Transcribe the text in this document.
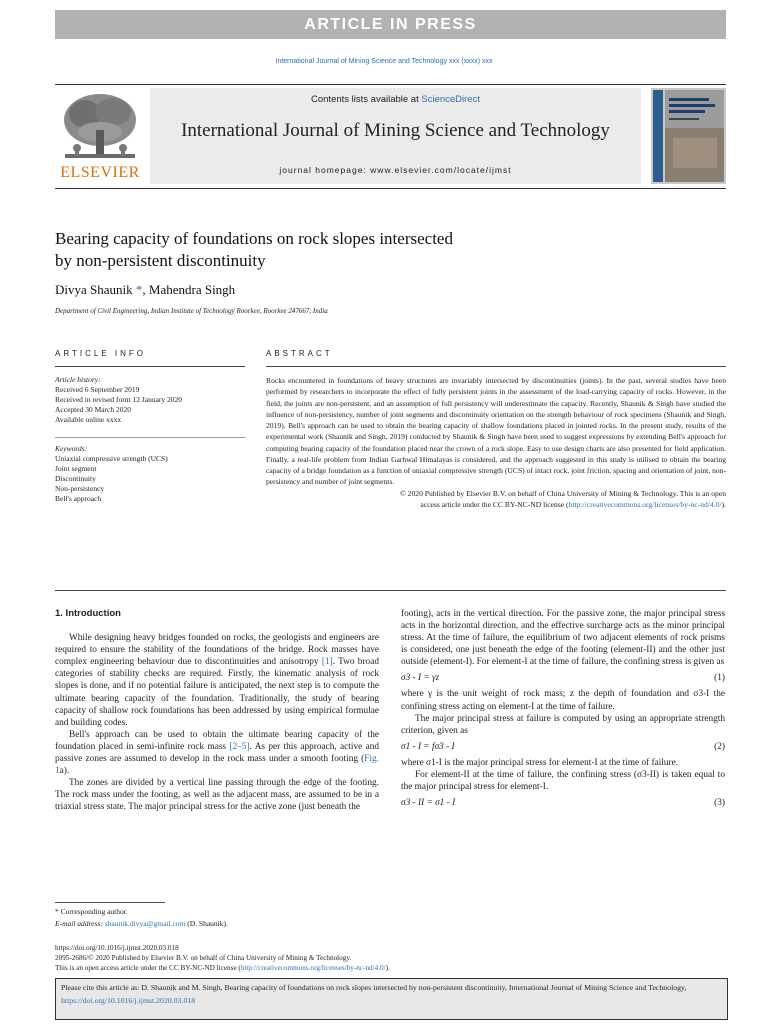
ARTICLE IN PRESS
International Journal of Mining Science and Technology xxx (xxxx) xxx
ELSEVIER
Contents lists available at ScienceDirect
International Journal of Mining Science and Technology
journal homepage: www.elsevier.com/locate/ijmst
Bearing capacity of foundations on rock slopes intersected
by non-persistent discontinuity
Divya Shaunik *, Mahendra Singh
Department of Civil Engineering, Indian Institute of Technology Roorkee, Roorkee 247667, India
ARTICLE INFO	ABSTRACT
Article history:
Received 6 September 2019
Received in revised form 12 January 2020
Accepted 30 March 2020
Available online xxxx
Keywords:
Uniaxial compressive strength (UCS)
Joint segment
Discontinuity
Non-persistency
Bell's approach
Rocks encountered in foundations of heavy structures are invariably intersected by discontinuities (joints). In the past, several studies have been performed by researchers to incorporate the effect of fully persistent joints in the assessment of the load-carrying capacity of rocks. However, in the field, the joints are non-persistent, and an assumption of full persistency will underestimate the capacity. Recently, Shaunik & Singh have studied the influence of non-persistency, number of joint segments and discontinuity orientation on the strength behaviour of rock specimens (Shaunik and Singh, 2019). Bell's approach can be used to obtain the bearing capacity of shallow foundations placed in jointed rocks. In the present study, results of the experimental work (Shaunik and Singh, 2019) conducted by Shaunik & Singh have been used to suggest expressions by extending Bell's approach for computing bearing capacity of the foundation placed near the crown of a rock slope. Easy to use design charts are also presented for field application. Finally, a real-life problem from Indian Garhwal Himalayas is considered, and the approach suggested in this study is utilised to obtain the bearing capacity of a bridge foundation as a function of uniaxial compressive strength (UCS) of intact rock, joint friction, spacing and orientation of joint, non-persistency and number of joint segments.
© 2020 Published by Elsevier B.V. on behalf of China University of Mining & Technology. This is an open
access article under the CC BY-NC-ND license (http://creativecommons.org/licenses/by-nc-nd/4.0/).
1. Introduction

While designing heavy bridges founded on rocks, the geologists and engineers are required to ensure the stability of the foundations of the bridge. Rock masses have complex engineering behaviour due to discontinuities and anisotropy [1]. Two broad categories of stability checks are required. Firstly, the kinematic analysis of rock slopes is done, and if no potential failure is anticipated, the next step is to compute the ultimate bearing capacity of the foundation. Traditionally, the study of bearing capacity of shallow rock foundations has been addressed by using empirical formulae and building codes.

Bell's approach can be used to obtain the ultimate bearing capacity of the foundation placed in semi-infinite rock mass [2–5]. As per this approach, active and passive zones are assumed to develop in the rock mass under a smooth footing (Fig. 1a).

The zones are divided by a vertical line passing through the edge of the footing. The rock mass under the footing, as well as the adjacent mass, are assumed to be in a triaxial stress state. The major principal stress for the active zone (just beneath the

footing), acts in the vertical direction. For the passive zone, the major principal stress acts in the horizontal direction, and the effective surcharge acts as the minor principal stress. At the time of failure, the equilibrium of two adjacent elements of rock prisms is considered, one just beneath the edge of the footing (element-II) and the other just outside (element-I). For element-I at the time of failure, the confining stress is given as

σ3 - I = γz	(1)

where γ is the unit weight of rock mass; z the depth of foundation and σ3-I the confining stress acting on element-I at the time of failure.

The major principal stress at failure is computed by using an appropriate strength criterion, given as

σ1 - I = fσ3 - I	(2)

where σ1-I is the major principal stress for element-I at the time of failure.

For element-II at the time of failure, the confining stress (σ3-II) is taken equal to the major principal stress for element-I.

σ3 - II = σ1 - I	(3)
* Corresponding author.
E-mail address: shaunik.divya@gmail.com (D. Shaunik).
https://doi.org/10.1016/j.ijmst.2020.03.018
2095-2686/© 2020 Published by Elsevier B.V. on behalf of China University of Mining & Technology.
This is an open access article under the CC BY-NC-ND license (http://creativecommons.org/licenses/by-nc-nd/4.0/).
Please cite this article as: D. Shaunik and M. Singh, Bearing capacity of foundations on rock slopes intersected by non-persistent discontinuity, International Journal of Mining Science and Technology, https://doi.org/10.1016/j.ijmst.2020.03.018
